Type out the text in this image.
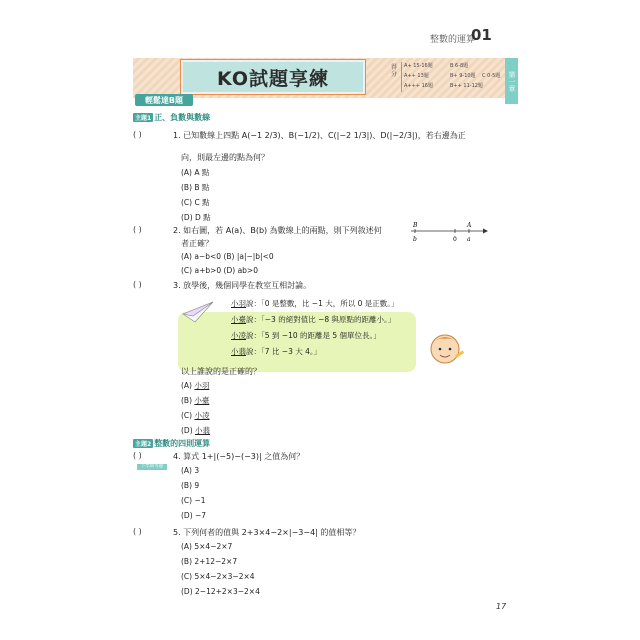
整數的運算
01
第一章
KO試題享練	得分
A+ 15-16題	B 6-8題
A++ 13題	B+ 9-10題 C 0-5題
A+++ 16題	B++ 11-12題
輕鬆達B題
主題1 正、負數與數線
( )	1. 已知數線上四點 A(−1 2/3)、B(−1/2)、C(|−2 1/3|)、D(|−2/3|)，若右邊為正
向，則最左邊的點為何？
(A) A 點
(B) B 點
(C) C 點
(D) D 點
( )	2. 如右圖，若 A(a)、B(b) 為數線上的兩點，則下列敘述何
者正確？
(A) a−b<0 (B) |a|−|b|<0
(C) a+b>0 (D) ab>0
B	A
b	0 a
( )	3. 放學後，幾個同學在教室互相討論。
小羽說：「0 是整數，比 −1 大，所以 0 是正數。」
小臺說：「−3 的絕對值比 −8 與原點的距離小。」
小凌說：「5 到 −10 的距離是 5 個單位長。」
小翡說：「7 比 −3 大 4。」
以上誰說的是正確的？
(A) 小羽
(B) 小臺
(C) 小凌
(D) 小翡
主題2 整數的四則運算
( )
下學期考題
4. 算式 1+|(−5)−(−3)| 之值為何？
(A) 3
(B) 9
(C) −1
(D) −7
( )	5. 下列何者的值與 2+3×4−2×|−3−4| 的值相等？
(A) 5×4−2×7
(B) 2+12−2×7
(C) 5×4−2×3−2×4
(D) 2−12+2×3−2×4
17
